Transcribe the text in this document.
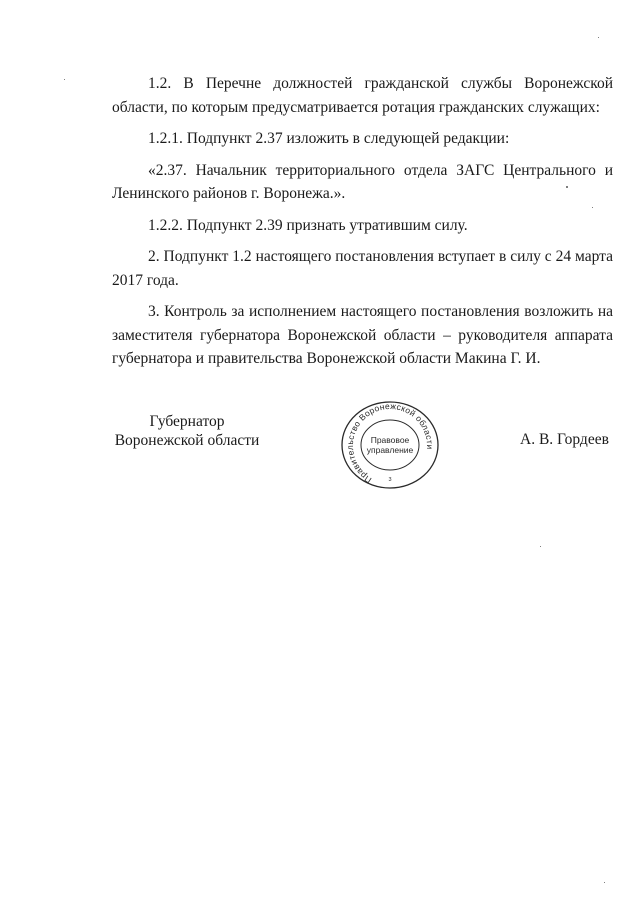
1.2. В Перечне должностей гражданской службы Воронежской области, по которым предусматривается ротация гражданских служащих:

1.2.1. Подпункт 2.37 изложить в следующей редакции:

«2.37. Начальник территориального отдела ЗАГС Центрального и Ленинского районов г. Воронежа.».

1.2.2. Подпункт 2.39 признать утратившим силу.

2. Подпункт 1.2 настоящего постановления вступает в силу с 24 марта 2017 года.

3. Контроль за исполнением настоящего постановления возложить на заместителя губернатора Воронежской области – руководителя аппарата губернатора и правительства Воронежской области Макина Г. И.

Губернатор
Воронежской области
Правительство Воронежской области
Правовое
управление
3
А. В. Гордеев
